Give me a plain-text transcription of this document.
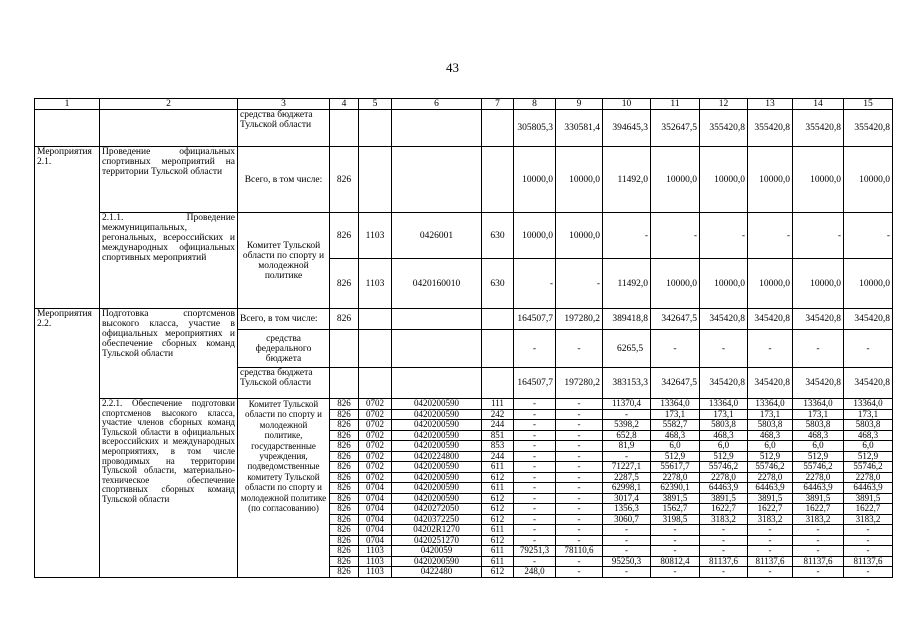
43
1	2	3	4	5	6	7	8	9	10	11	12	13	14	15
		средства бюджета Тульской области					305805,3	330581,4	394645,3	352647,5	355420,8	355420,8	355420,8	355420,8
Мероприятия 2.1.	Проведение официальных спортивных мероприятий на территории Тульской области	Всего, в том числе:	826				10000,0	10000,0	11492,0	10000,0	10000,0	10000,0	10000,0	10000,0
	2.1.1. Проведение межмуниципальных, регональных, всероссийских и международных официальных спортивных мероприятий	Комитет Тульской области по спорту и молодежной политике	826	1103	0426001	630	10000,0	10000,0	-	-	-	-	-	-
			826	1103	0420160010	630	-	-	11492,0	10000,0	10000,0	10000,0	10000,0	10000,0
Мероприятия 2.2.	Подготовка спортсменов высокого класса, участие в официальных мероприятиях и обеспечение сборных команд Тульской области	Всего, в том числе:	826				164507,7	197280,2	389418,8	342647,5	345420,8	345420,8	345420,8	345420,8
		средства федерального бюджета					-	-	6265,5	-	-	-	-	-
		средства бюджета Тульской области					164507,7	197280,2	383153,3	342647,5	345420,8	345420,8	345420,8	345420,8
	2.2.1. Обеспечение подготовки спортсменов высокого класса, участие членов сборных команд Тульской области в официальных всероссийских и международных мероприятиях, в том числе проводимых на территории Тульской области, материально-техническое обеспечение спортивных сборных команд Тульской области	Комитет Тульской области по спорту и молодежной политике, государственные учреждения, подведомственные комитету Тульской области по спорту и молодежной политике (по согласованию)	826	0702	0420200590	111	-	-	11370,4	13364,0	13364,0	13364,0	13364,0	13364,0
			826	0702	0420200590	242	-	-	-	173,1	173,1	173,1	173,1	173,1
			826	0702	0420200590	244	-	-	5398,2	5582,7	5803,8	5803,8	5803,8	5803,8
			826	0702	0420200590	851	-	-	652,8	468,3	468,3	468,3	468,3	468,3
			826	0702	0420200590	853	-	-	81,9	6,0	6,0	6,0	6,0	6,0
			826	0702	0420224800	244	-	-	-	512,9	512,9	512,9	512,9	512,9
			826	0702	0420200590	611	-	-	71227,1	55617,7	55746,2	55746,2	55746,2	55746,2
			826	0702	0420200590	612	-	-	2287,5	2278,0	2278,0	2278,0	2278,0	2278,0
			826	0704	0420200590	611	-	-	62998,1	62390,1	64463,9	64463,9	64463,9	64463,9
			826	0704	0420200590	612	-	-	3017,4	3891,5	3891,5	3891,5	3891,5	3891,5
			826	0704	0420272050	612	-	-	1356,3	1562,7	1622,7	1622,7	1622,7	1622,7
			826	0704	0420372250	612	-	-	3060,7	3198,5	3183,2	3183,2	3183,2	3183,2
			826	0704	04202R1270	611	-	-	-	-	-	-	-	-
			826	0704	0420251270	612	-	-	-	-	-	-	-	-
			826	1103	0420059	611	79251,3	78110,6	-	-	-	-	-	-
			826	1103	0420200590	611	-	-	95250,3	80812,4	81137,6	81137,6	81137,6	81137,6
			826	1103	0422480	612	248,0	-	-	-	-	-	-	-
